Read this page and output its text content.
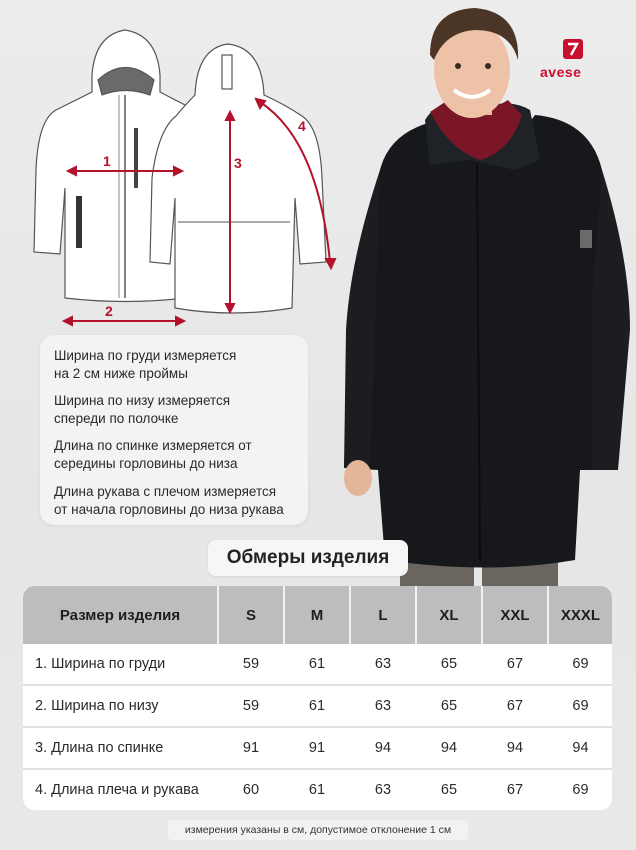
avese
1
2
3
4

Ширина по груди измеряется
на 2 см ниже проймы

Ширина по низу измеряется
спереди по полочке

Длина по спинке измеряется от
середины горловины до низа

Длина рукава с плечом измеряется
от начала горловины до низа рукава

Обмеры изделия
Размер изделия	S	M	L	XL	XXL	XXXL
1. Ширина по груди	59	61	63	65	67	69
2. Ширина по низу	59	61	63	65	67	69
3. Длина по спинке	91	91	94	94	94	94
4. Длина плеча и рукава	60	61	63	65	67	69
измерения указаны в см, допустимое отклонение 1 см
